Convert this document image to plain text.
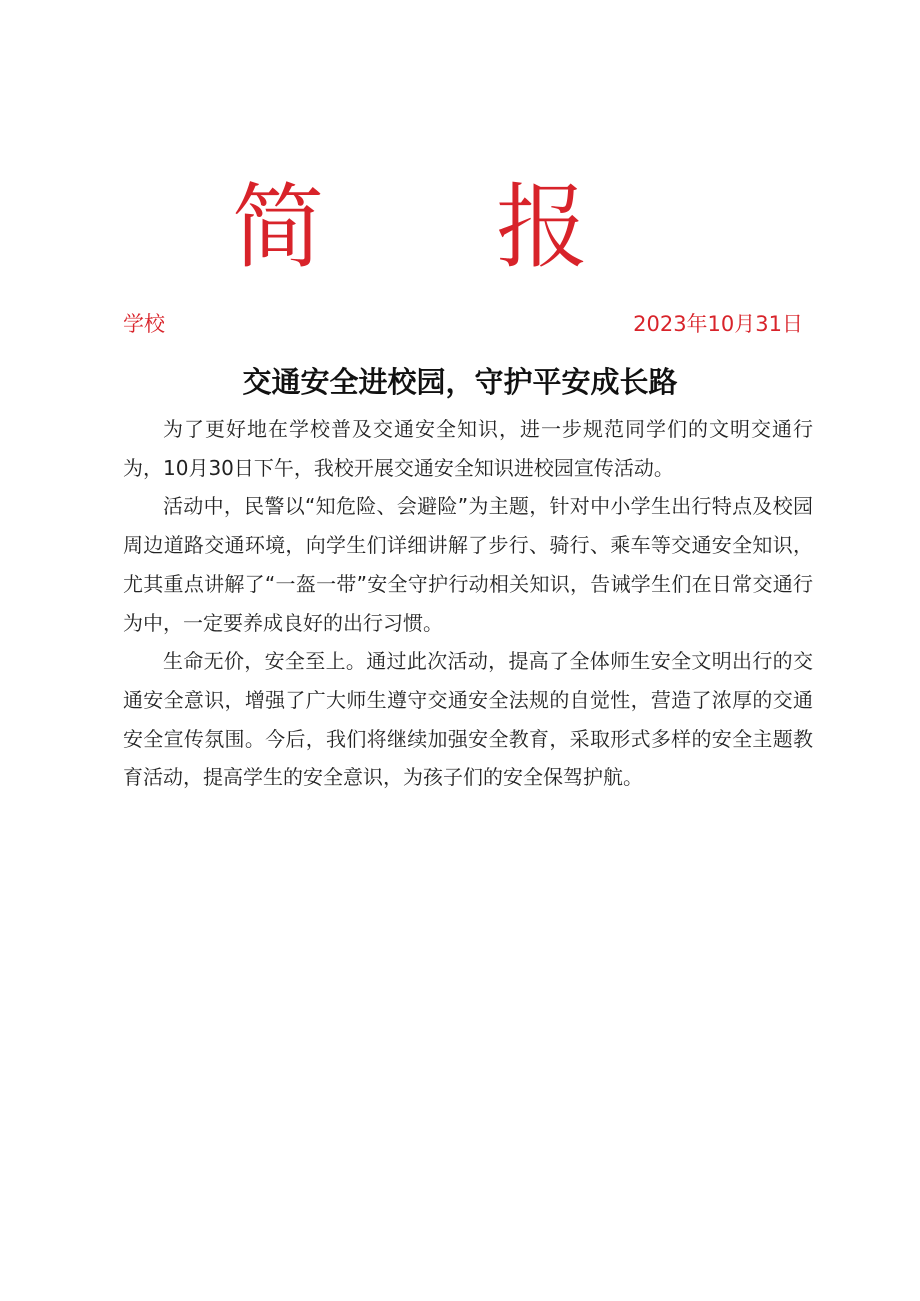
简 报
学校	2023年10月31日
交通安全进校园，守护平安成长路

为了更好地在学校普及交通安全知识，进一步规范同学们的文明交通行为，10月30日下午，我校开展交通安全知识进校园宣传活动。

活动中，民警以“知危险、会避险”为主题，针对中小学生出行特点及校园周边道路交通环境，向学生们详细讲解了步行、骑行、乘车等交通安全知识，尤其重点讲解了“一盔一带”安全守护行动相关知识，告诫学生们在日常交通行为中，一定要养成良好的出行习惯。

生命无价，安全至上。通过此次活动，提高了全体师生安全文明出行的交通安全意识，增强了广大师生遵守交通安全法规的自觉性，营造了浓厚的交通安全宣传氛围。今后，我们将继续加强安全教育，采取形式多样的安全主题教育活动，提高学生的安全意识，为孩子们的安全保驾护航。
